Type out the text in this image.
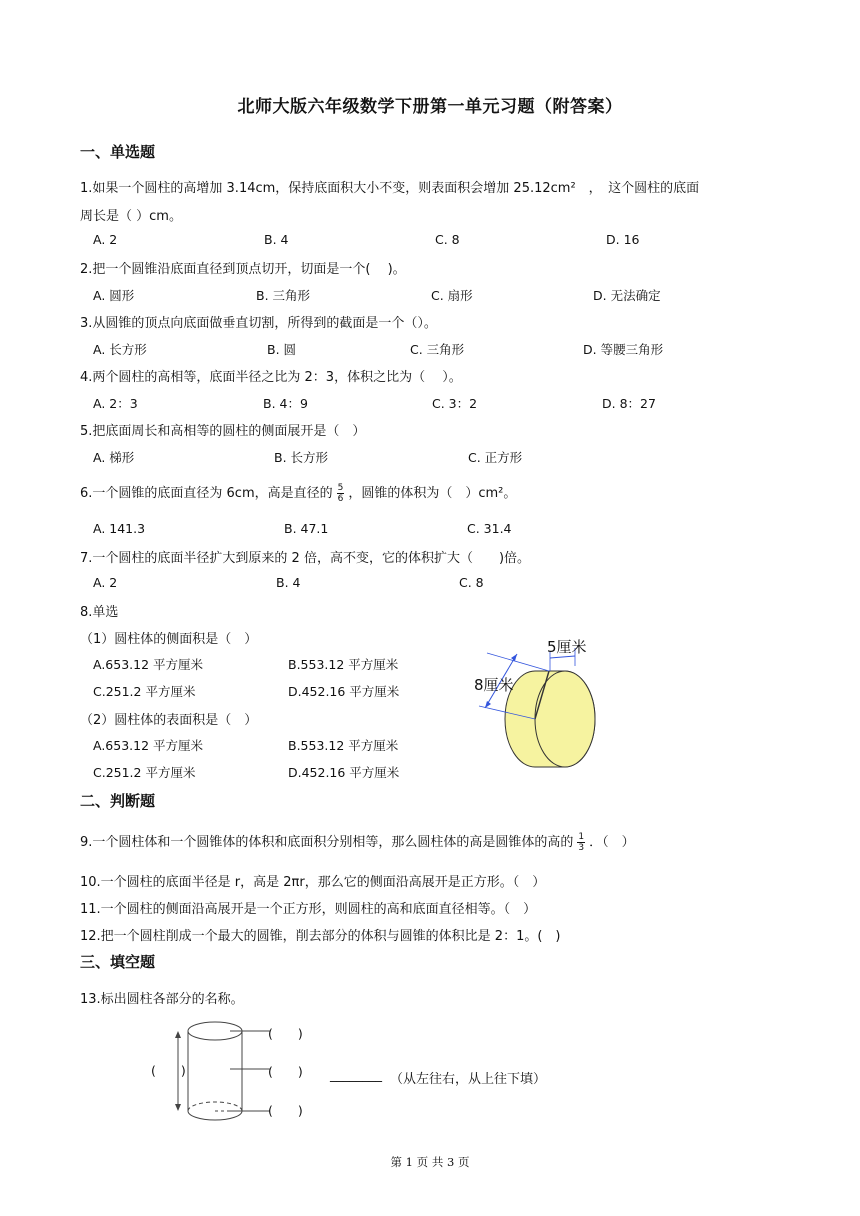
北师大版六年级数学下册第一单元习题（附答案）
一、单选题
1.如果一个圆柱的高增加 3.14cm，保持底面积大小不变，则表面积会增加 25.12cm²　，　这个圆柱的底面
周长是（ ）cm。
A. 2	B. 4	C. 8	D. 16
2.把一个圆锥沿底面直径到顶点切开，切面是一个(　 )。
A. 圆形	B. 三角形	C. 扇形	D. 无法确定
3.从圆锥的顶点向底面做垂直切割，所得到的截面是一个（）。
A. 长方形	B. 圆	C. 三角形	D. 等腰三角形
4.两个圆柱的高相等，底面半径之比为 2：3，体积之比为（　 ）。
A. 2：3	B. 4：9	C. 3：2	D. 8：27
5.把底面周长和高相等的圆柱的侧面展开是（　）
A. 梯形	B. 长方形	C. 正方形
6.一个圆锥的底面直径为 6cm，高是直径的 $\frac{5}{6}$ ，圆锥的体积为（　）cm²。
A. 141.3	B. 47.1	C. 31.4
7.一个圆柱的底面半径扩大到原来的 2 倍，高不变，它的体积扩大（　　)倍。
A. 2	B. 4	C. 8
8.单选
（1）圆柱体的侧面积是（　）
A.653.12 平方厘米	B.553.12 平方厘米
C.251.2 平方厘米	D.452.16 平方厘米
（2）圆柱体的表面积是（　）
A.653.12 平方厘米	B.553.12 平方厘米
C.251.2 平方厘米	D.452.16 平方厘米
5厘米
8厘米
二、判断题
9.一个圆柱体和一个圆锥体的体积和底面积分别相等，那么圆柱体的高是圆锥体的高的 $\frac{1}{3}$ ．（　）
10.一个圆柱的底面半径是 r，高是 2πr，那么它的侧面沿高展开是正方形。（　）
11.一个圆柱的侧面沿高展开是一个正方形，则圆柱的高和底面直径相等。（　）
12.把一个圆柱削成一个最大的圆锥，削去部分的体积与圆锥的体积比是 2：1。(　)
三、填空题
13.标出圆柱各部分的名称。
(　　)
(　　)	(　　)
(　　)
________ （从左往右，从上往下填）
第 1 页 共 3 页
